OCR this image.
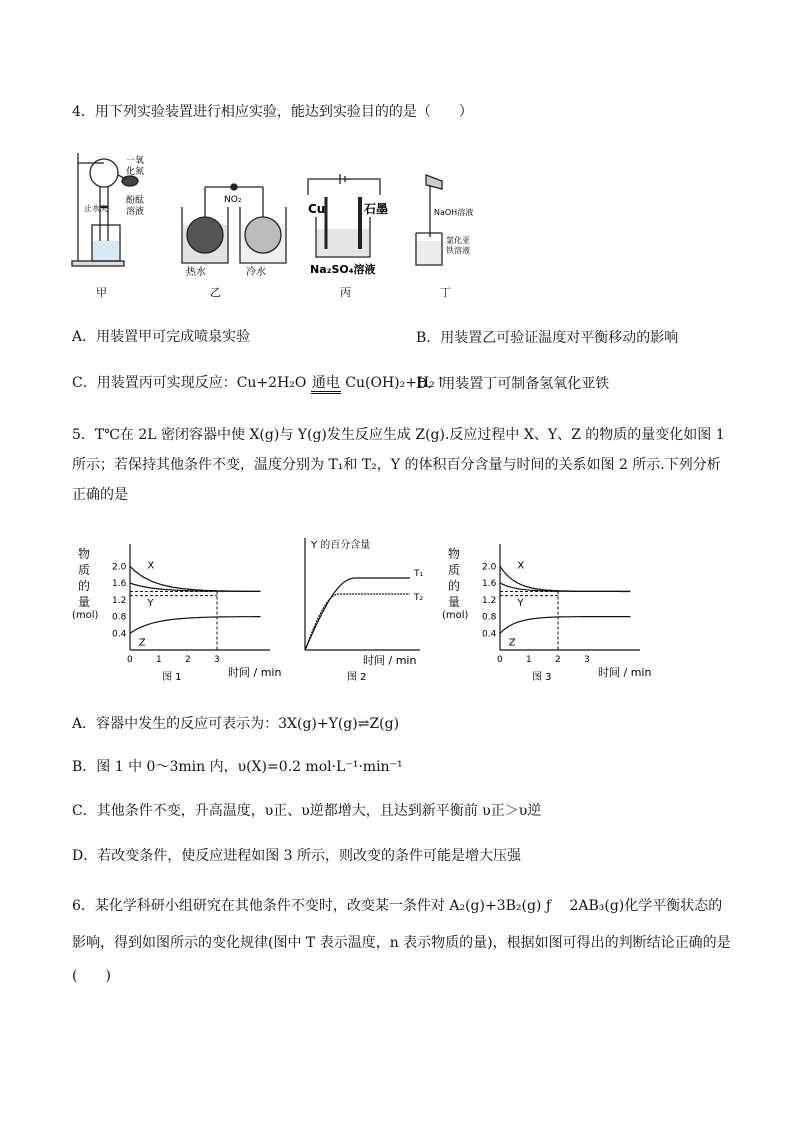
4．用下列实验装置进行相应实验，能达到实验目的的是（　　）
一氧
化氮
止水夹
酚酞
溶液
NO₂
热水	冷水
Cu	石墨
Na₂SO₄溶液
NaOH溶液
氯化亚
铁溶液
甲	乙	丙	丁
A．用装置甲可完成喷泉实验	B．用装置乙可验证温度对平衡移动的影响
C．用装置丙可实现反应：Cu+2H₂O 通电 Cu(OH)₂+H₂↑
D．用装置丁可制备氢氧化亚铁
5．T℃在 2L 密闭容器中使 X(g)与 Y(g)发生反应生成 Z(g).反应过程中 X、Y、Z 的物质的量变化如图 1
所示；若保持其他条件不变，温度分别为 T₁和 T₂，Y 的体积百分含量与时间的关系如图 2 所示.下列分析
正确的是
物
质
的
量
(mol)
0.4
0.8
1.2
1.6
2.0
0	1	2	3
X
Y
Z
时间 / min
图 1
物
质
的
量
(mol)
0.4
0.8
1.2
1.6
2.0
0	1	2	3
X
Y
Z
时间 / min
图 3
Y 的百分含量
T₁
T₂
时间 / min
图 2
A．容器中发生的反应可表示为：3X(g)+Y(g)⇌Z(g)
B．图 1 中 0～3min 内，υ(X)=0.2 mol·L⁻¹·min⁻¹
C．其他条件不变，升高温度，υ正、υ逆都增大，且达到新平衡前 υ正＞υ逆
D．若改变条件，使反应进程如图 3 所示，则改变的条件可能是增大压强
6．某化学科研小组研究在其他条件不变时，改变某一条件对 A₂(g)+3B₂(g) ƒ 　2AB₃(g)化学平衡状态的
影响，得到如图所示的变化规律(图中 T 表示温度，n 表示物质的量)，根据如图可得出的判断结论正确的是
(　　)
